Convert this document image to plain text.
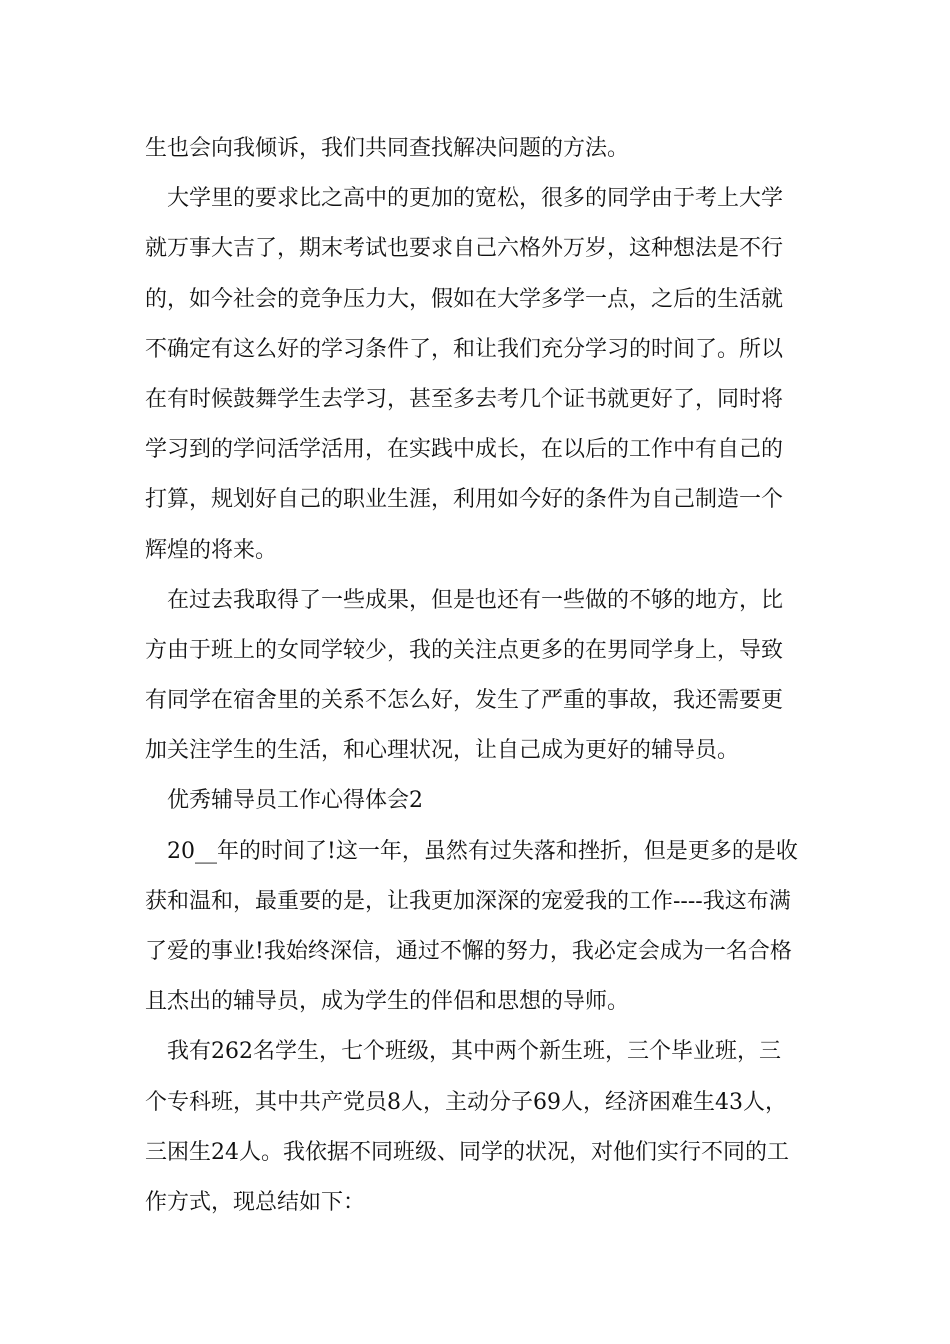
生也会向我倾诉，我们共同查找解决问题的方法。
大学里的要求比之高中的更加的宽松，很多的同学由于考上大学
就万事大吉了，期末考试也要求自己六格外万岁，这种想法是不行
的，如今社会的竞争压力大，假如在大学多学一点，之后的生活就
不确定有这么好的学习条件了，和让我们充分学习的时间了。所以
在有时候鼓舞学生去学习，甚至多去考几个证书就更好了，同时将
学习到的学问活学活用，在实践中成长，在以后的工作中有自己的
打算，规划好自己的职业生涯，利用如今好的条件为自己制造一个
辉煌的将来。
在过去我取得了一些成果，但是也还有一些做的不够的地方，比
方由于班上的女同学较少，我的关注点更多的在男同学身上，导致
有同学在宿舍里的关系不怎么好，发生了严重的事故，我还需要更
加关注学生的生活，和心理状况，让自己成为更好的辅导员。
优秀辅导员工作心得体会2
20__年的时间了!这一年，虽然有过失落和挫折，但是更多的是收
获和温和，最重要的是，让我更加深深的宠爱我的工作----我这布满
了爱的事业!我始终深信，通过不懈的努力，我必定会成为一名合格
且杰出的辅导员，成为学生的伴侣和思想的导师。
我有262名学生，七个班级，其中两个新生班，三个毕业班，三
个专科班，其中共产党员8人，主动分子69人，经济困难生43人，
三困生24人。我依据不同班级、同学的状况，对他们实行不同的工
作方式，现总结如下：
